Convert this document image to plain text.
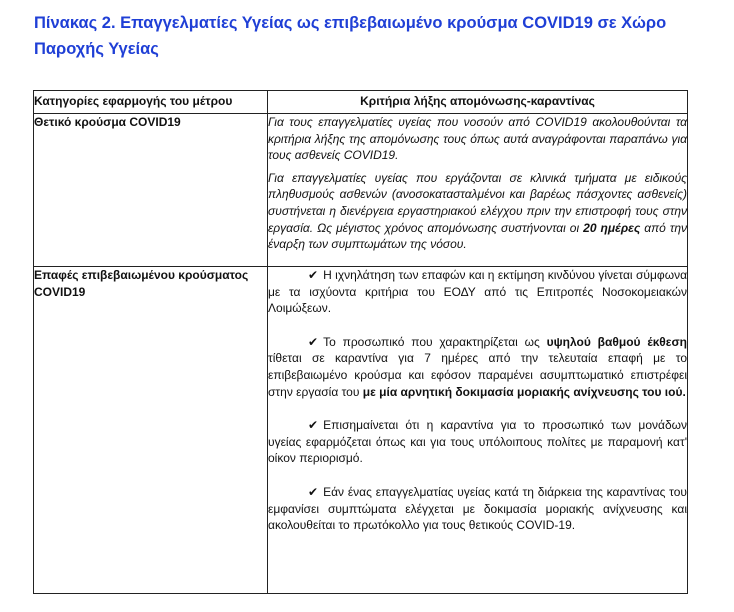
Πίνακας 2. Επαγγελματίες Υγείας ως επιβεβαιωμένο κρούσμα COVID19 σε Χώρο Παροχής Υγείας
Κατηγορίες εφαρμογής του μέτρου	Κριτήρια λήξης απομόνωσης-καραντίνας
Θετικό κρούσμα COVID19	Για τους επαγγελματίες υγείας που νοσούν από COVID19 ακολουθούνται τα κριτήρια λήξης της απομόνωσης τους όπως αυτά αναγράφονται παραπάνω για τους ασθενείς COVID19.

Για επαγγελματίες υγείας που εργάζονται σε κλινικά τμήματα με ειδικούς πληθυσμούς ασθενών (ανοσοκατασταλμένοι και βαρέως πάσχοντες ασθενείς) συστήνεται η διενέργεια εργαστηριακού ελέγχου πριν την επιστροφή τους στην εργασία. Ως μέγιστος χρόνος απομόνωσης συστήνονται οι 20 ημέρες από την έναρξη των συμπτωμάτων της νόσου.

Επαφές επιβεβαιωμένου κρούσματος COVID19	✔ Η ιχνηλάτηση των επαφών και η εκτίμηση κινδύνου γίνεται σύμφωνα με τα ισχύοντα κριτήρια του ΕΟΔΥ από τις Επιτροπές Νοσοκομειακών Λοιμώξεων.

✔ Το προσωπικό που χαρακτηρίζεται ως υψηλού βαθμού έκθεση τίθεται σε καραντίνα για 7 ημέρες από την τελευταία επαφή με το επιβεβαιωμένο κρούσμα και εφόσον παραμένει ασυμπτωματικό επιστρέφει στην εργασία του με μία αρνητική δοκιμασία μοριακής ανίχνευσης του ιού.

✔ Επισημαίνεται ότι η καραντίνα για το προσωπικό των μονάδων υγείας εφαρμόζεται όπως και για τους υπόλοιπους πολίτες με παραμονή κατ' οίκον περιορισμό.

✔ Εάν ένας επαγγελματίας υγείας κατά τη διάρκεια της καραντίνας του εμφανίσει συμπτώματα ελέγχεται με δοκιμασία μοριακής ανίχνευσης και ακολουθείται το πρωτόκολλο για τους θετικούς COVID-19.
